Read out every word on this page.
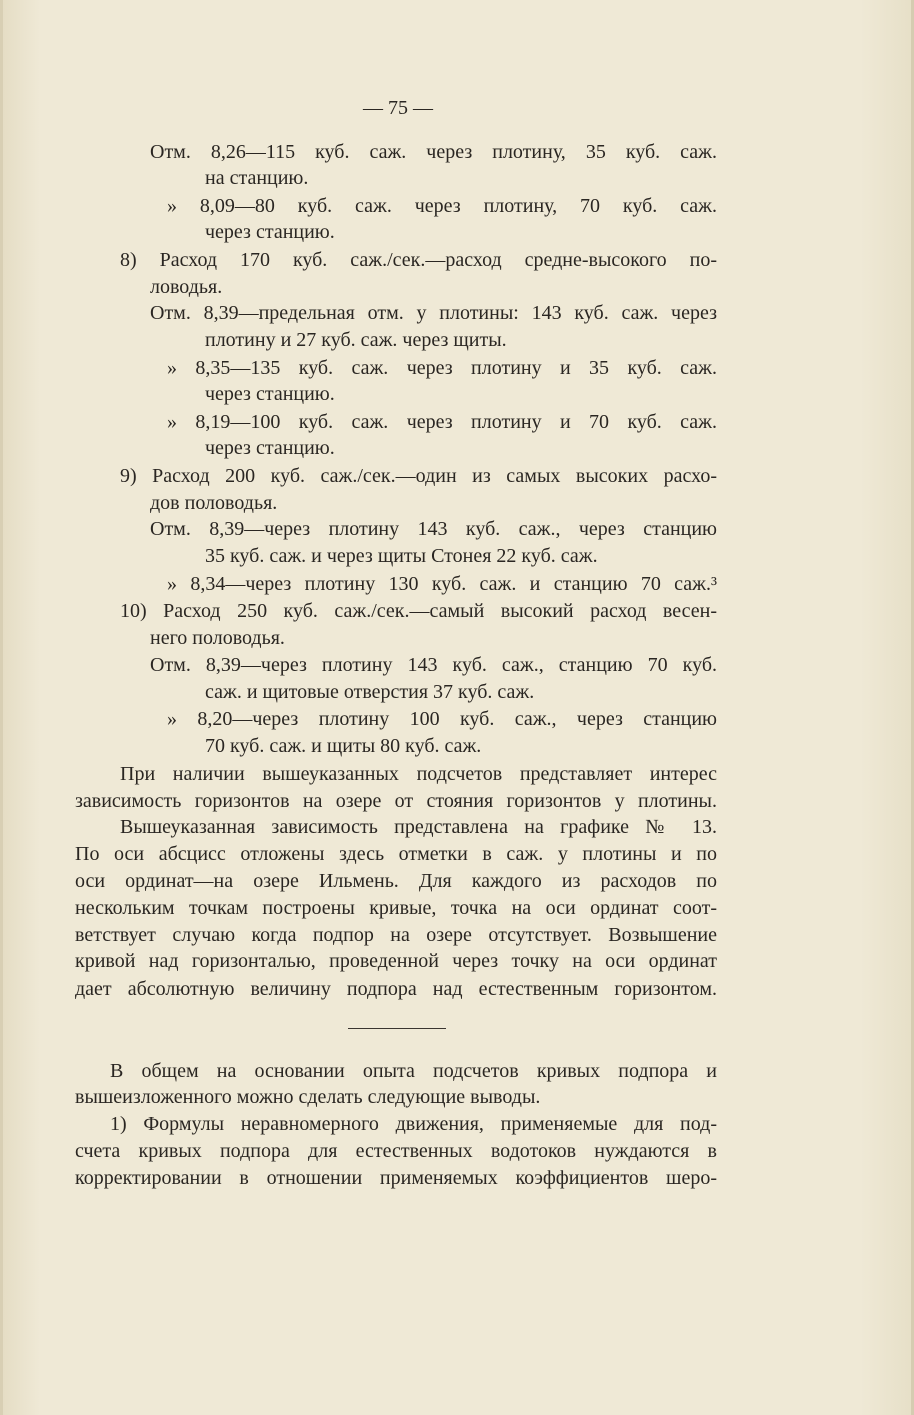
— 75 —
Отм. 8,26—115 куб. саж. через плотину, 35 куб. саж.
на станцию.
» 8,09—80 куб. саж. через плотину, 70 куб. саж.
через станцию.
8) Расход 170 куб. саж./сек.—расход средне-высокого по-
ловодья.
Отм. 8,39—предельная отм. у плотины: 143 куб. саж. через
плотину и 27 куб. саж. через щиты.
» 8,35—135 куб. саж. через плотину и 35 куб. саж.
через станцию.
» 8,19—100 куб. саж. через плотину и 70 куб. саж.
через станцию.
9) Расход 200 куб. саж./сек.—один из самых высоких расхо-
дов половодья.
Отм. 8,39—через плотину 143 куб. саж., через станцию
35 куб. саж. и через щиты Стонея 22 куб. саж.
» 8,34—через плотину 130 куб. саж. и станцию 70 саж.³
10) Расход 250 куб. саж./сек.—самый высокий расход весен-
него половодья.
Отм. 8,39—через плотину 143 куб. саж., станцию 70 куб.
саж. и щитовые отверстия 37 куб. саж.
» 8,20—через плотину 100 куб. саж., через станцию
70 куб. саж. и щиты 80 куб. саж.
При наличии вышеуказанных подсчетов представляет интерес
зависимость горизонтов на озере от стояния горизонтов у плотины.
Вышеуказанная зависимость представлена на графике № 13.
По оси абсцисс отложены здесь отметки в саж. у плотины и по
оси ординат—на озере Ильмень. Для каждого из расходов по
нескольким точкам построены кривые, точка на оси ординат соот-
ветствует случаю когда подпор на озере отсутствует. Возвышение
кривой над горизонталью, проведенной через точку на оси ординат
дает абсолютную величину подпора над естественным горизонтом.
В общем на основании опыта подсчетов кривых подпора и
вышеизложенного можно сделать следующие выводы.
1) Формулы неравномерного движения, применяемые для под-
счета кривых подпора для естественных водотоков нуждаются в
корректировании в отношении применяемых коэффициентов шеро-
